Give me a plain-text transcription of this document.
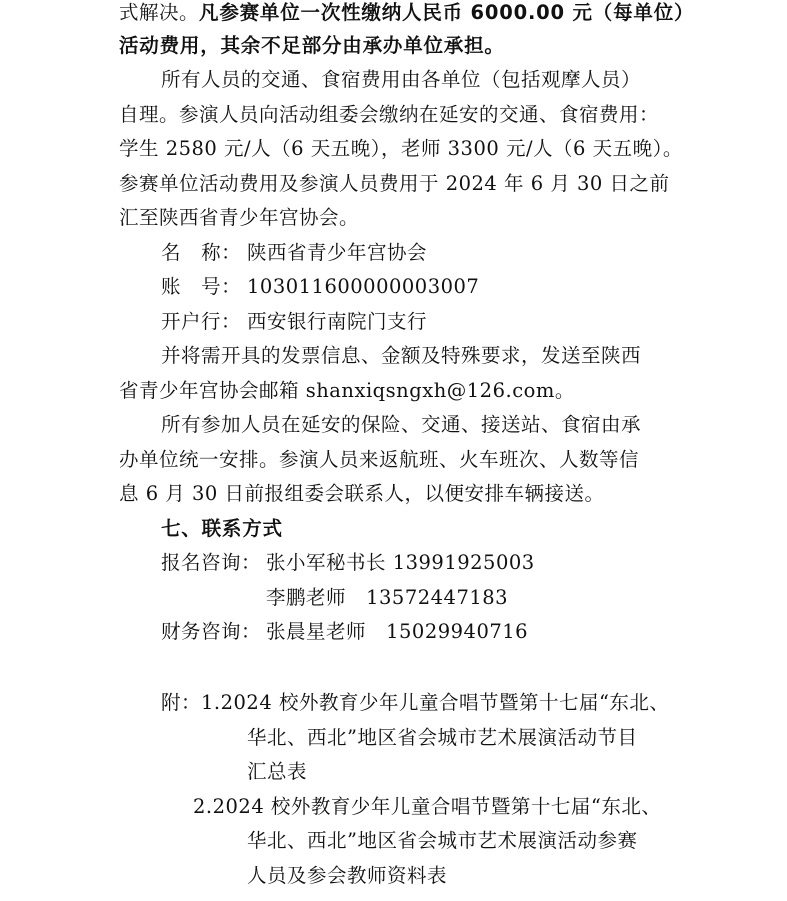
式解决。凡参赛单位一次性缴纳人民币 6000.00 元（每单位）
活动费用，其余不足部分由承办单位承担。
所有人员的交通、食宿费用由各单位（包括观摩人员）
自理。参演人员向活动组委会缴纳在延安的交通、食宿费用：
学生 2580 元/人（6 天五晚），老师 3300 元/人（6 天五晚）。
参赛单位活动费用及参演人员费用于 2024 年 6 月 30 日之前
汇至陕西省青少年宫协会。
名   称： 陕西省青少年宫协会
账   号： 103011600000003007
开户行： 西安银行南院门支行
并将需开具的发票信息、金额及特殊要求，发送至陕西
省青少年宫协会邮箱 shanxiqsngxh@126.com。
所有参加人员在延安的保险、交通、接送站、食宿由承
办单位统一安排。参演人员来返航班、火车班次、人数等信
息 6 月 30 日前报组委会联系人，以便安排车辆接送。
七、联系方式
报名咨询： 张小军秘书长 13991925003
李鹏老师   13572447183
财务咨询： 张晨星老师   15029940716
附：1.2024 校外教育少年儿童合唱节暨第十七届“东北、
华北、西北”地区省会城市艺术展演活动节目
汇总表
2.2024 校外教育少年儿童合唱节暨第十七届“东北、
华北、西北”地区省会城市艺术展演活动参赛
人员及参会教师资料表
